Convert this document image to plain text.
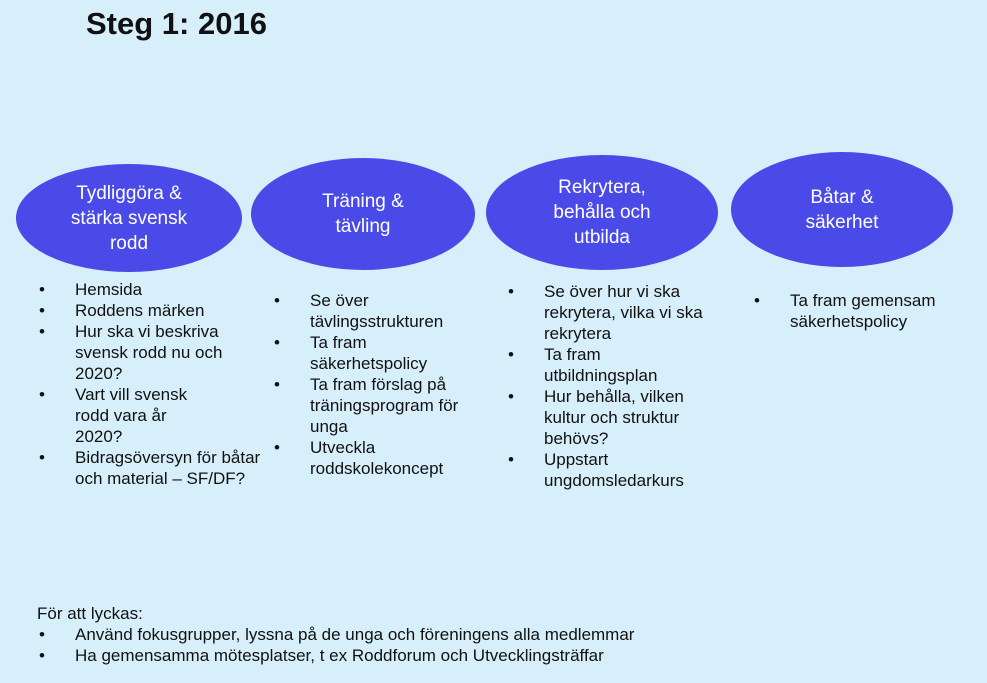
Steg 1: 2016
Tydliggöra &
stärka svensk
rodd
• Hemsida
• Roddens märken
• Hur ska vi beskriva svensk rodd nu och 2020?
• Vart vill svensk rodd vara år 2020?
• Bidragsöversyn för båtar och material – SF/DF?
Träning &
tävling
• Se över tävlingsstrukturen
• Ta fram säkerhetspolicy
• Ta fram förslag på träningsprogram för unga
• Utveckla roddskolekoncept
Rekrytera,
behålla och
utbilda
• Se över hur vi ska rekrytera, vilka vi ska rekrytera
• Ta fram utbildningsplan
• Hur behålla, vilken kultur och struktur behövs?
• Uppstart ungdomsledarkurs
Båtar &
säkerhet
• Ta fram gemensam säkerhetspolicy
För att lyckas:
• Använd fokusgrupper, lyssna på de unga och föreningens alla medlemmar
• Ha gemensamma mötesplatser, t ex Roddforum och Utvecklingsträffar
